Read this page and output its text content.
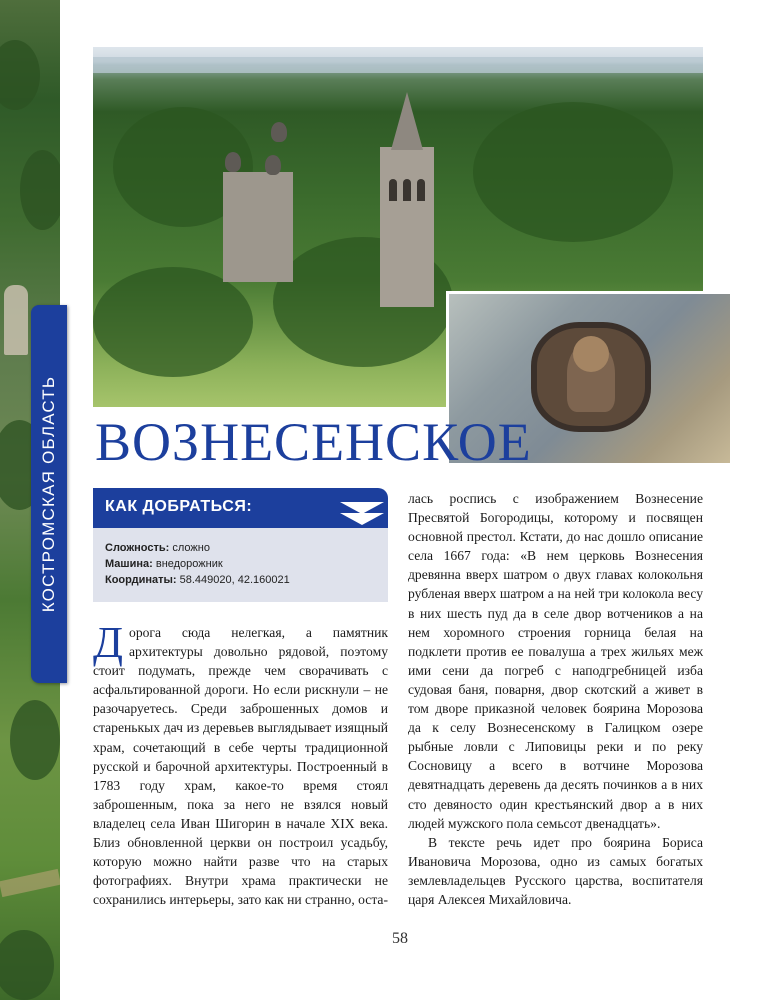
КОСТРОМСКАЯ ОБЛАСТЬ ВОЗНЕСЕНСКОЕ
КАК ДОБРАТЬСЯ:
Сложность: сложно
Машина: внедорожник
Координаты: 58.449020, 42.160021

Дорога сюда нелегкая, а памятник архитектуры довольно рядовой, поэтому стоит подумать, прежде чем сворачивать с асфальтированной дороги. Но если рискнули – не разочаруетесь. Среди заброшенных домов и старенькых дач из деревьев выглядывает изящный храм, сочетающий в себе черты традиционной русской и барочной архитектуры. Построенный в 1783 году храм, какое-то время стоял заброшенным, пока за него не взялся новый владелец села Иван Шигорин в начале XIX века. Близ обновленной церкви он построил усадьбу, которую можно найти разве что на старых фотографиях. Внутри храма практически не сохранились интерьеры, зато как ни странно, оста-

лась роспись с изображением Вознесение Пресвятой Богородицы, которому и посвящен основной престол. Кстати, до нас дошло описание села 1667 года: «В нем церковь Вознесения древянна вверх шатром о двух главах колокольня рубленая вверх шатром а на ней три колокола весу в них шесть пуд да в селе двор вотчеников а на нем хоромного строения горница белая на подклети против ее повалуша а трех жильях меж ими сени да погреб с наподгребницей изба судовая баня, поварня, двор скотский а живет в том дворе приказной человек боярина Морозова да к селу Вознесенскому в Галицком озере рыбные ловли с Липовицы реки и по реку Сосновицу а всего в вотчине Морозова девятнадцать деревень да десять починков а в них сто девяносто один крестьянский двор а в них людей мужского пола семьсот двенадцать».

В тексте речь идет про боярина Бориса Ивановича Морозова, одно из самых богатых землевладельцев Русского царства, воспитателя царя Алексея Михайловича.

58
